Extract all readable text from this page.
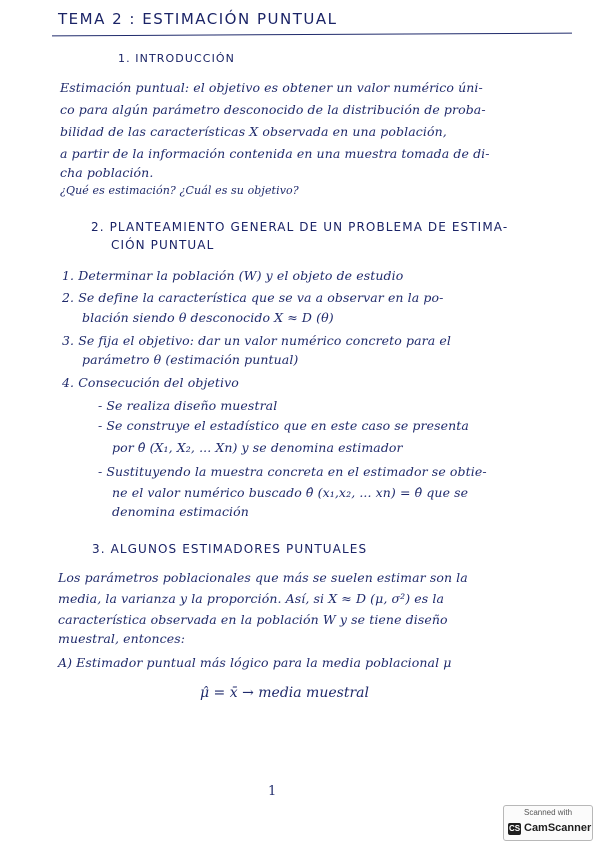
TEMA 2 : ESTIMACIÓN PUNTUAL
1. INTRODUCCIÓN
Estimación puntual: el objetivo es obtener un valor numérico úni-
co para algún parámetro desconocido de la distribución de proba-
bilidad de las características X observada en una población,
a partir de la información contenida en una muestra tomada de di-
cha población.
¿Qué es estimación? ¿Cuál es su objetivo?
2. PLANTEAMIENTO GENERAL DE UN PROBLEMA DE ESTIMA-
CIÓN PUNTUAL
1. Determinar la población (W) y el objeto de estudio
2. Se define la característica que se va a observar en la po-
blación siendo θ desconocido X ≈ D (θ)
3. Se fija el objetivo: dar un valor numérico concreto para el
parámetro θ (estimación puntual)
4. Consecución del objetivo
- Se realiza diseño muestral
- Se construye el estadístico que en este caso se presenta
por θ̂ (X₁, X₂, ... Xn) y se denomina estimador
- Sustituyendo la muestra concreta en el estimador se obtie-
ne el valor numérico buscado θ̂ (x₁,x₂, ... xn) = θ̂ que se
denomina estimación
3. ALGUNOS ESTIMADORES PUNTUALES
Los parámetros poblacionales que más se suelen estimar son la
media, la varianza y la proporción. Así, si X ≈ D (μ, σ²) es la
característica observada en la población W y se tiene diseño
muestral, entonces:
A) Estimador puntual más lógico para la media poblacional μ
μ̂ = x̄ → media muestral
1
Scanned with
CS CamScanner
